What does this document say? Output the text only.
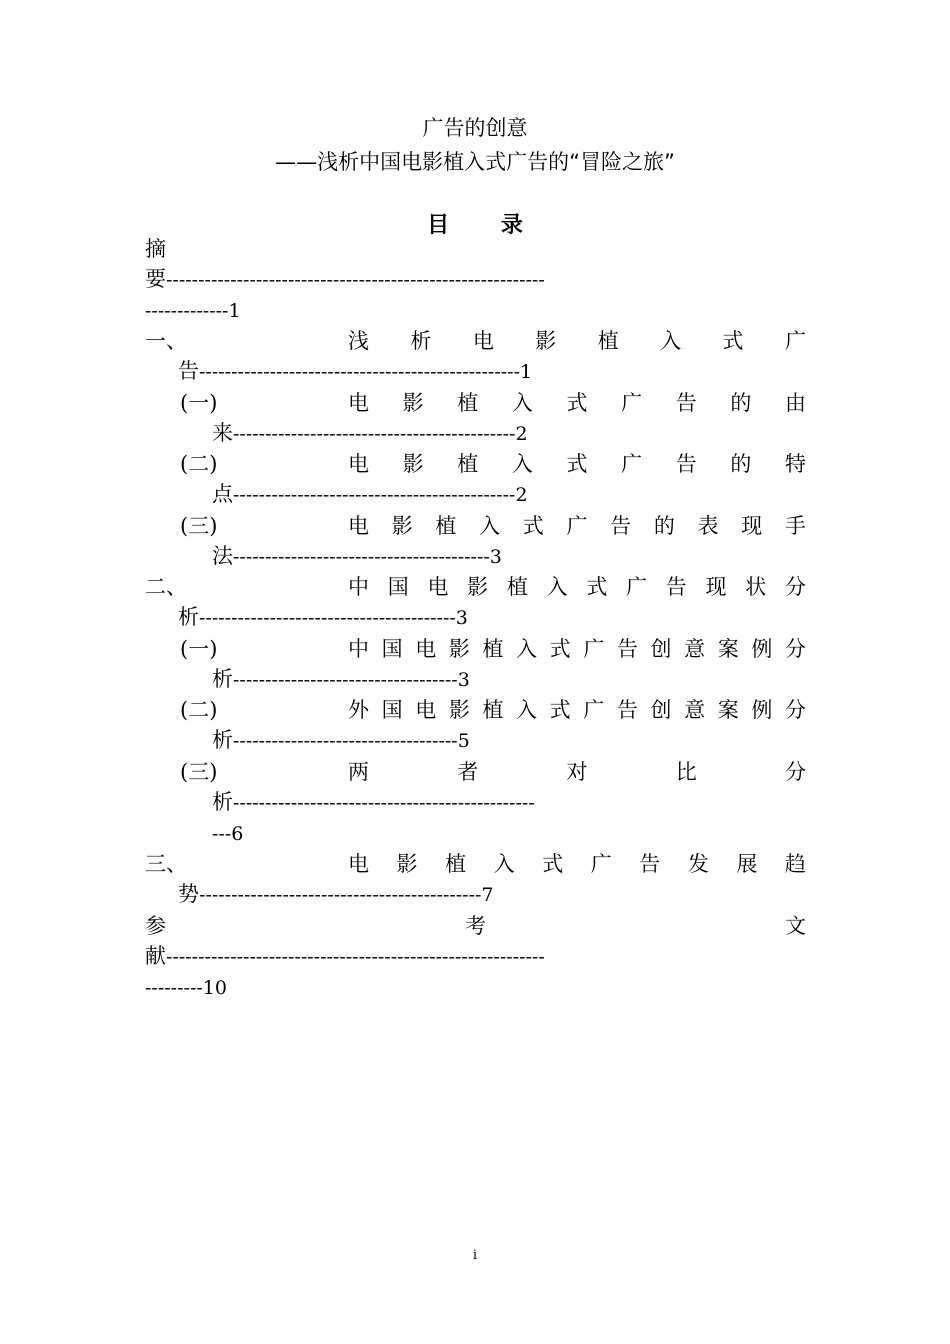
广告的创意
——浅析中国电影植入式广告的“冒险之旅”
目 录
摘
要-----------------------------------------------------------
-------------1
一、	浅 析 电 影 植 入 式 广
告--------------------------------------------------1
(一)	电 影 植 入 式 广 告 的 由
来--------------------------------------------2
(二)	电 影 植 入 式 广 告 的 特
点--------------------------------------------2
(三)	电 影 植 入 式 广 告 的 表 现 手
法----------------------------------------3
二、	中 国 电 影 植 入 式 广 告 现 状 分
析----------------------------------------3
(一)	中 国 电 影 植 入 式 广 告 创 意 案 例 分
析-----------------------------------3
(二)	外 国 电 影 植 入 式 广 告 创 意 案 例 分
析-----------------------------------5
(三)	两	者	对	比	分
析-----------------------------------------------
---6
三、	电 影 植 入 式 广 告 发 展 趋
势--------------------------------------------7
参	考	文
献-----------------------------------------------------------
---------10
i
